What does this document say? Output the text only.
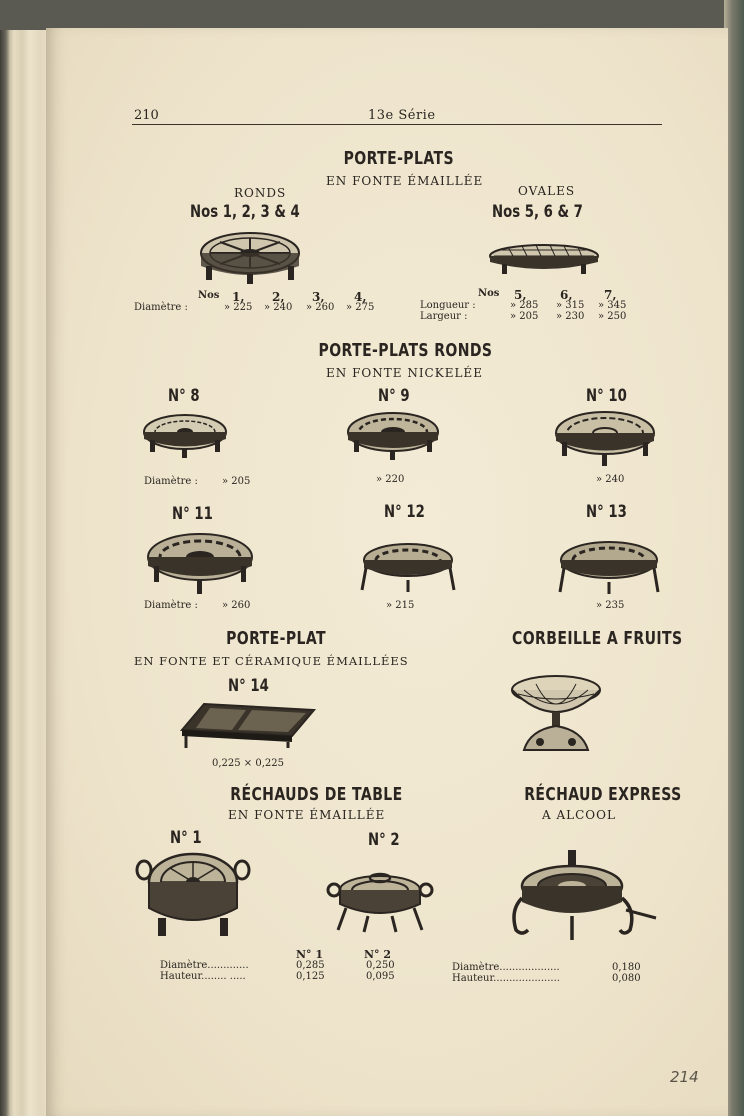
210	13e Série
PORTE-PLATS
EN FONTE ÉMAILLÉE
RONDS
Nos 1, 2, 3 & 4
OVALES
Nos 5, 6 & 7
Nos 1, 2, 3, 4,
Diamètre :	» 225 » 240 » 260 » 275
Nos 5,	6,	7,
Longueur :	» 285 » 315 » 345
Largeur :	» 205 » 230 » 250
PORTE-PLATS RONDS
EN FONTE NICKELÉE
N° 8	N° 9	N° 10
Diamètre : » 205	» 220	» 240
N° 11	N° 12	N° 13
Diamètre : » 260	» 215	» 235
PORTE-PLAT
EN FONTE ET CÉRAMIQUE ÉMAILLÉES
N° 14
0,225 × 0,225
CORBEILLE A FRUITS
RÉCHAUDS DE TABLE
EN FONTE ÉMAILLÉE
N° 1	N° 2
N° 1	N° 2
Diamètre.............	0,285	0,250
Hauteur........ .....	0,125	0,095
RÉCHAUD EXPRESS
A ALCOOL
Diamètre...................	0,180
Hauteur.....................	0,080
214
